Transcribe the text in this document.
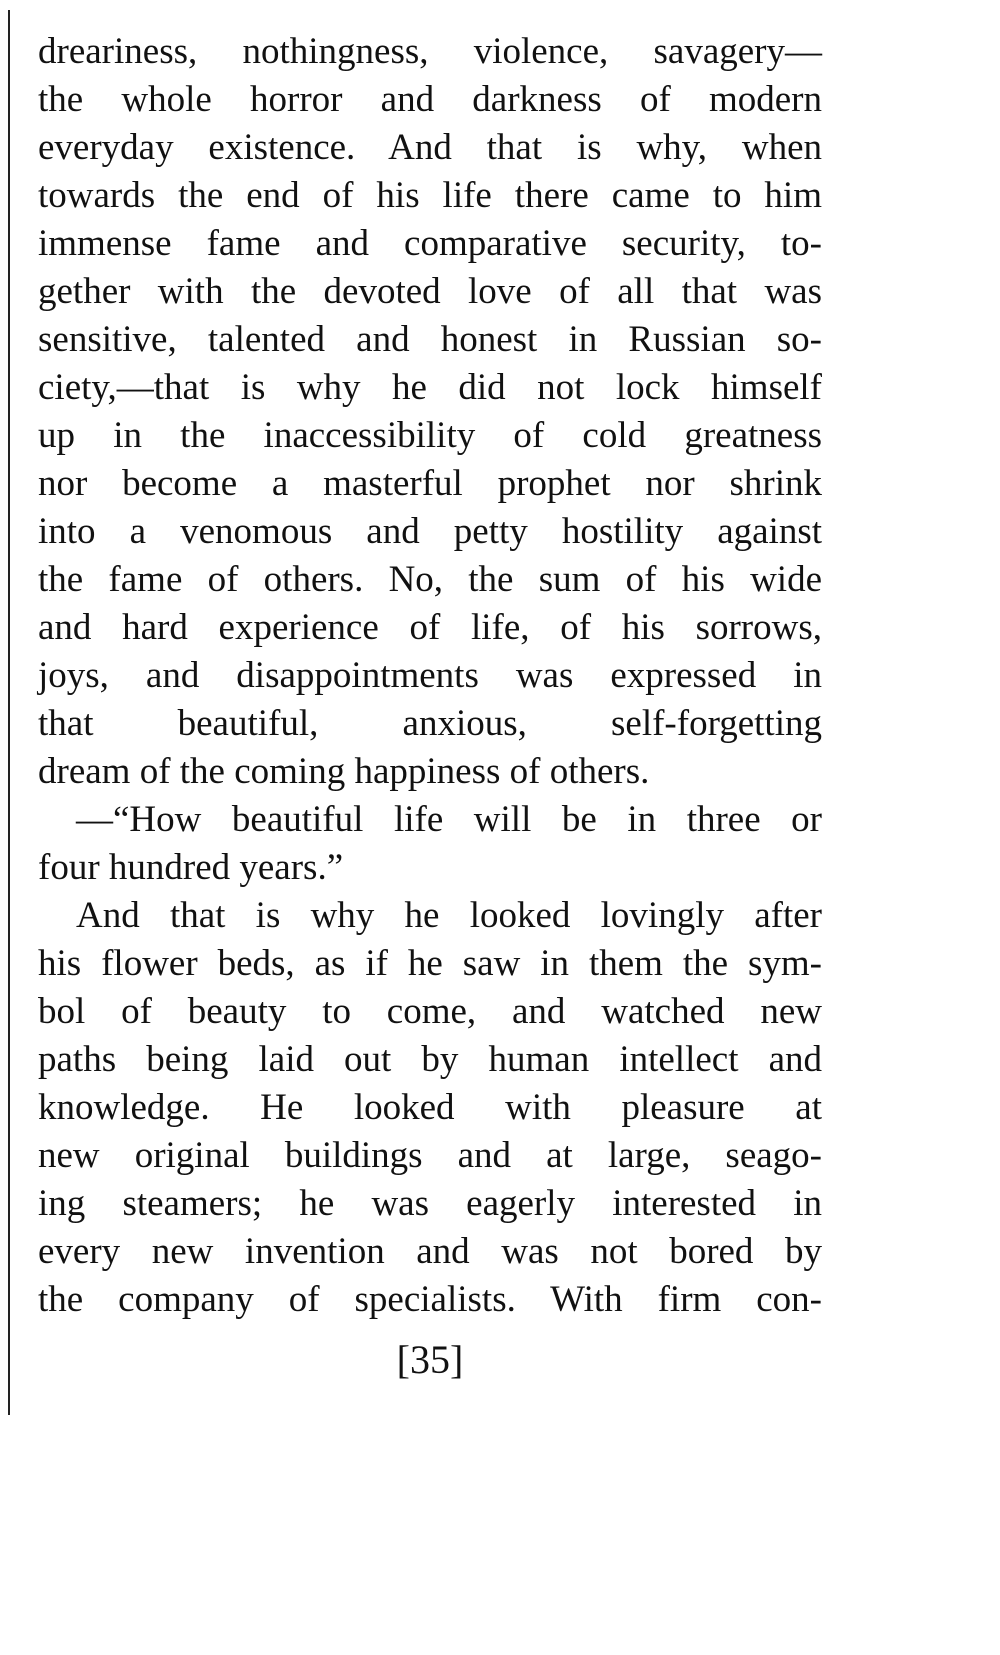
dreariness, nothingness, violence, savagery—
the whole horror and darkness of modern
everyday existence. And that is why, when
towards the end of his life there came to him
immense fame and comparative security, to-
gether with the devoted love of all that was
sensitive, talented and honest in Russian so-
ciety,—that is why he did not lock himself
up in the inaccessibility of cold greatness
nor become a masterful prophet nor shrink
into a venomous and petty hostility against
the fame of others. No, the sum of his wide
and hard experience of life, of his sorrows,
joys, and disappointments was expressed in
that beautiful, anxious, self-forgetting
dream of the coming happiness of others.
—“How beautiful life will be in three or
four hundred years.”
And that is why he looked lovingly after
his flower beds, as if he saw in them the sym-
bol of beauty to come, and watched new
paths being laid out by human intellect and
knowledge. He looked with pleasure at
new original buildings and at large, seago-
ing steamers; he was eagerly interested in
every new invention and was not bored by
the company of specialists. With firm con-
[35]
